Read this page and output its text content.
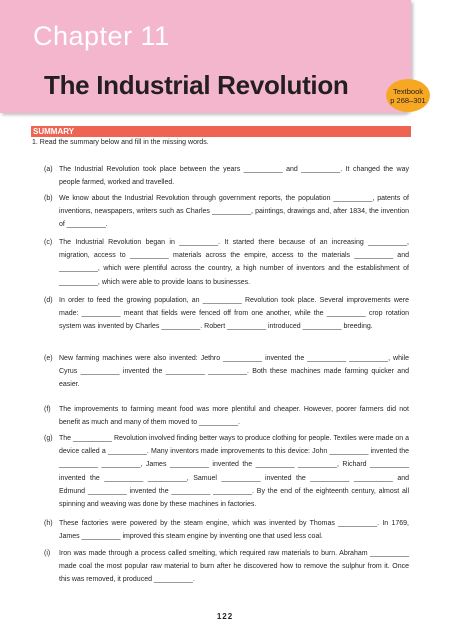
Chapter 11
The Industrial Revolution	Textbook
p 268–301
SUMMARY
1. Read the summary below and fill in the missing words.
(a) The Industrial Revolution took place between the years __________ and __________. It changed the way people farmed, worked and travelled.
(b) We know about the Industrial Revolution through government reports, the population __________, patents of inventions, newspapers, writers such as Charles __________, paintings, drawings and, after 1834, the invention of __________.
(c) The Industrial Revolution began in __________. It started there because of an increasing __________, migration, access to __________ materials across the empire, access to the materials __________ and __________, which were plentiful across the country, a high number of inventors and the establishment of __________, which were able to provide loans to businesses.
(d) In order to feed the growing population, an __________ Revolution took place. Several improvements were made: __________ meant that fields were fenced off from one another, while the __________ crop rotation system was invented by Charles __________. Robert __________ introduced __________ breeding.
(e) New farming machines were also invented: Jethro __________ invented the __________ __________, while Cyrus __________ invented the __________ __________. Both these machines made farming quicker and easier.
(f)	The improvements to farming meant food was more plentiful and cheaper. However, poorer farmers did not benefit as much and many of them moved to __________.
(g) The __________ Revolution involved finding better ways to produce clothing for people. Textiles were made on a device called a __________. Many inventors made improvements to this device: John __________ invented the __________ __________, James __________ invented the __________ __________, Richard __________ invented the __________ __________, Samuel __________ invented the __________ __________ and Edmund __________ invented the __________ __________. By the end of the eighteenth century, almost all spinning and weaving was done by these machines in factories.
(h) These factories were powered by the steam engine, which was invented by Thomas __________. In 1769, James __________ improved this steam engine by inventing one that used less coal.
(i)	Iron was made through a process called smelting, which required raw materials to burn. Abraham __________ made coal the most popular raw material to burn after he discovered how to remove the sulphur from it. Once this was removed, it produced __________.
122
